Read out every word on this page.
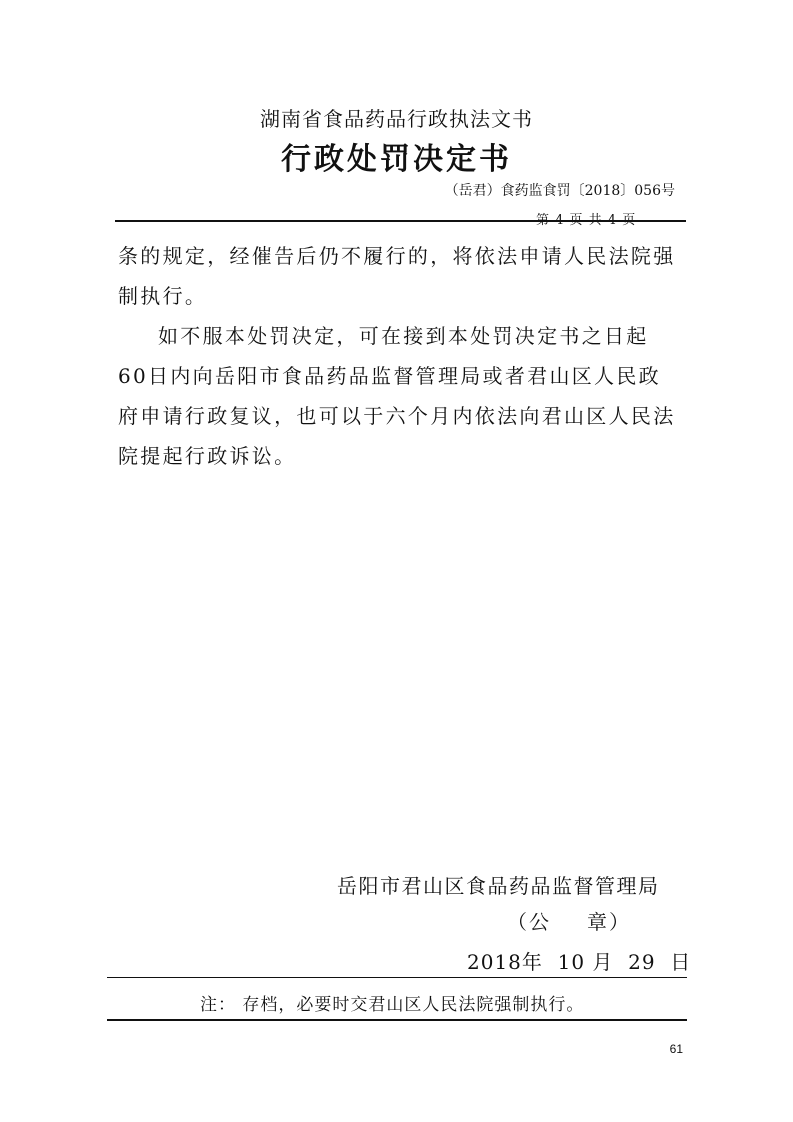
湖南省食品药品行政执法文书
行政处罚决定书
（岳君）食药监食罚〔2018〕056号
第 4 页 共 4 页

条的规定，经催告后仍不履行的，将依法申请人民法院强制执行。

如不服本处罚决定，可在接到本处罚决定书之日起60日内向岳阳市食品药品监督管理局或者君山区人民政府申请行政复议，也可以于六个月内依法向君山区人民法院提起行政诉讼。

岳阳市君山区食品药品监督管理局
（公 章）
2018年  10 月  29  日
注： 存档，必要时交君山区人民法院强制执行。
61
